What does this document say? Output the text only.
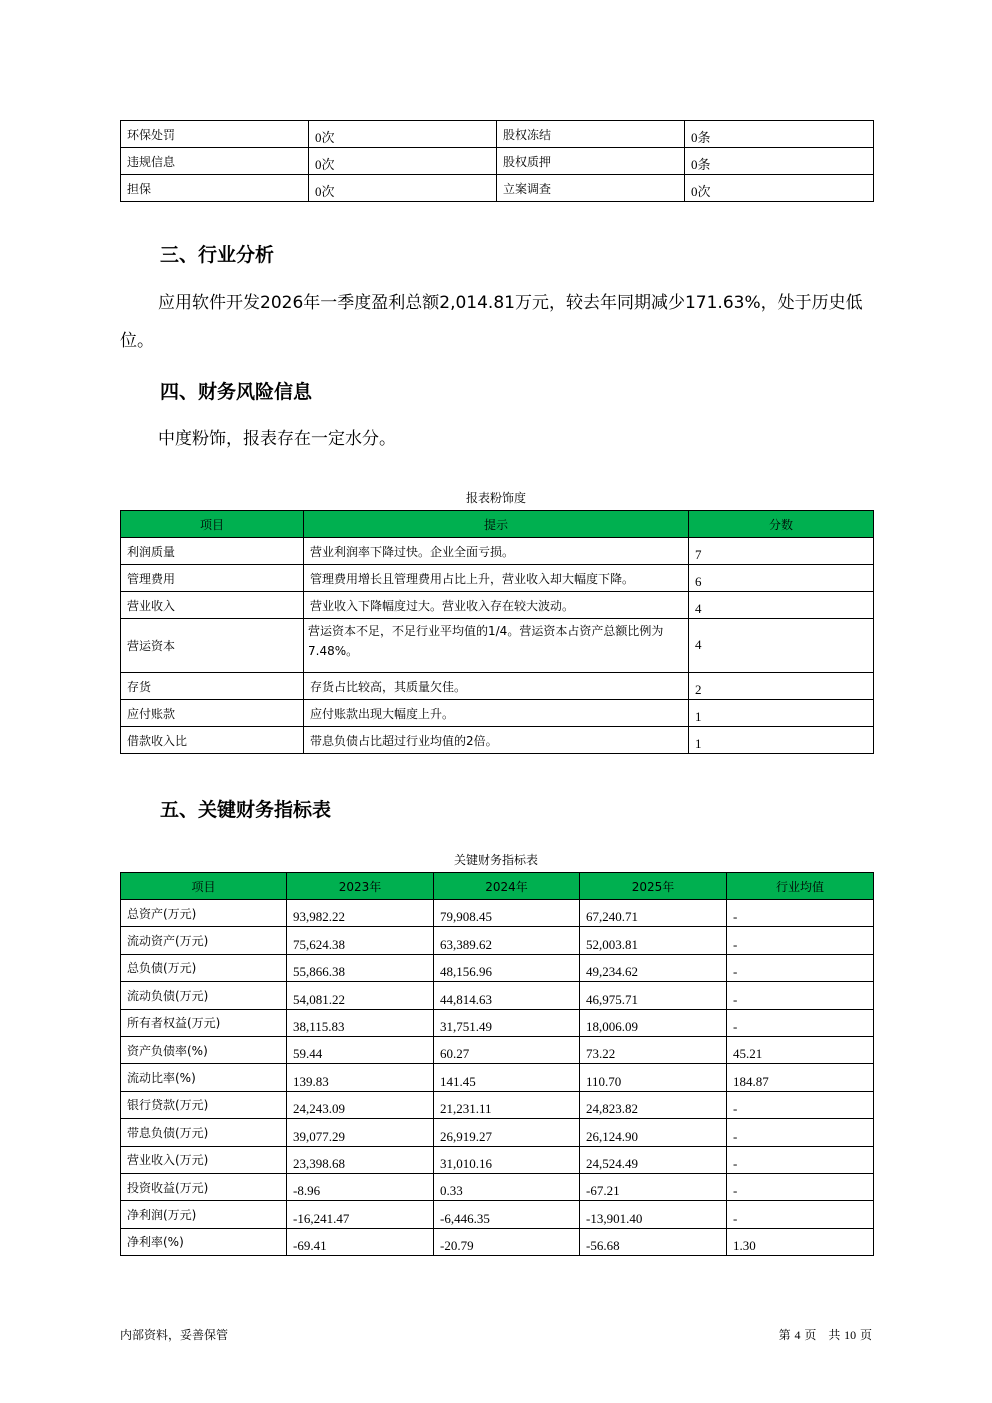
环保处罚	0次	股权冻结	0条
违规信息	0次	股权质押	0条
担保	0次	立案调查	0次
三、行业分析
应用软件开发2026年一季度盈利总额2,014.81万元，较去年同期减少171.63%，处于历史低位。
四、财务风险信息
中度粉饰，报表存在一定水分。
报表粉饰度
项目	提示	分数
利润质量	营业利润率下降过快。企业全面亏损。	7
管理费用	管理费用增长且管理费用占比上升，营业收入却大幅度下降。	6
营业收入	营业收入下降幅度过大。营业收入存在较大波动。	4
营运资本	营运资本不足，不足行业平均值的1/4。营运资本占资产总额比例为7.48%。	4
存货	存货占比较高，其质量欠佳。	2
应付账款	应付账款出现大幅度上升。	1
借款收入比	带息负债占比超过行业均值的2倍。	1
五、关键财务指标表
关键财务指标表
项目	2023年	2024年	2025年	行业均值
总资产(万元)	93,982.22	79,908.45	67,240.71	-
流动资产(万元)	75,624.38	63,389.62	52,003.81	-
总负债(万元)	55,866.38	48,156.96	49,234.62	-
流动负债(万元)	54,081.22	44,814.63	46,975.71	-
所有者权益(万元)	38,115.83	31,751.49	18,006.09	-
资产负债率(%)	59.44	60.27	73.22	45.21
流动比率(%)	139.83	141.45	110.70	184.87
银行贷款(万元)	24,243.09	21,231.11	24,823.82	-
带息负债(万元)	39,077.29	26,919.27	26,124.90	-
营业收入(万元)	23,398.68	31,010.16	24,524.49	-
投资收益(万元)	-8.96	0.33	-67.21	-
净利润(万元)	-16,241.47	-6,446.35	-13,901.40	-
净利率(%)	-69.41	-20.79	-56.68	1.30
内部资料，妥善保管	第 4 页　共 10 页
